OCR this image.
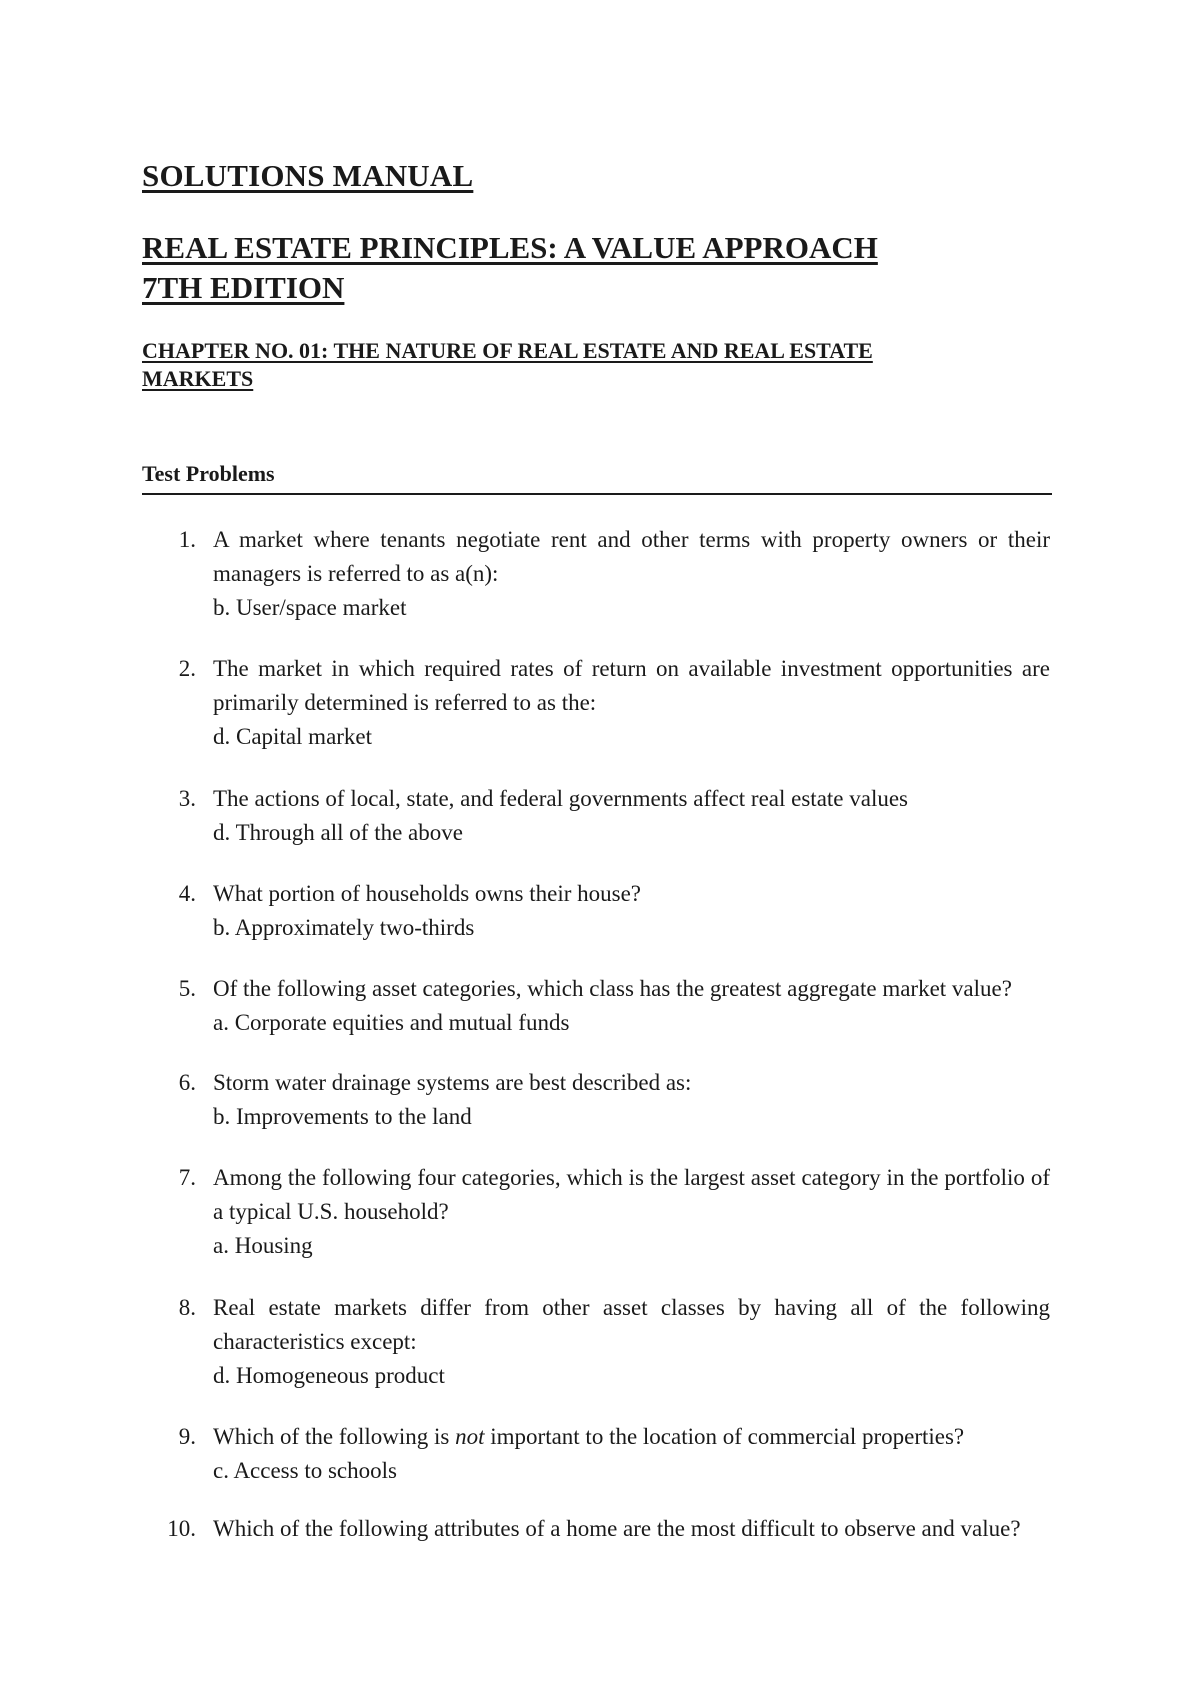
SOLUTIONS MANUAL
REAL ESTATE PRINCIPLES: A VALUE APPROACH
7TH EDITION
CHAPTER NO. 01: THE NATURE OF REAL ESTATE AND REAL ESTATE MARKETS
Test Problems
1. A market where tenants negotiate rent and other terms with property owners or their managers is referred to as a(n):
b. User/space market
2. The market in which required rates of return on available investment opportunities are primarily determined is referred to as the:
d. Capital market
3. The actions of local, state, and federal governments affect real estate values
d. Through all of the above
4. What portion of households owns their house?
b. Approximately two-thirds
5. Of the following asset categories, which class has the greatest aggregate market value?
a. Corporate equities and mutual funds
6. Storm water drainage systems are best described as:
b. Improvements to the land
7. Among the following four categories, which is the largest asset category in the portfolio of a typical U.S. household?
a. Housing
8. Real estate markets differ from other asset classes by having all of the following characteristics except:
d. Homogeneous product
9. Which of the following is not important to the location of commercial properties?
c. Access to schools
10. Which of the following attributes of a home are the most difficult to observe and value?
